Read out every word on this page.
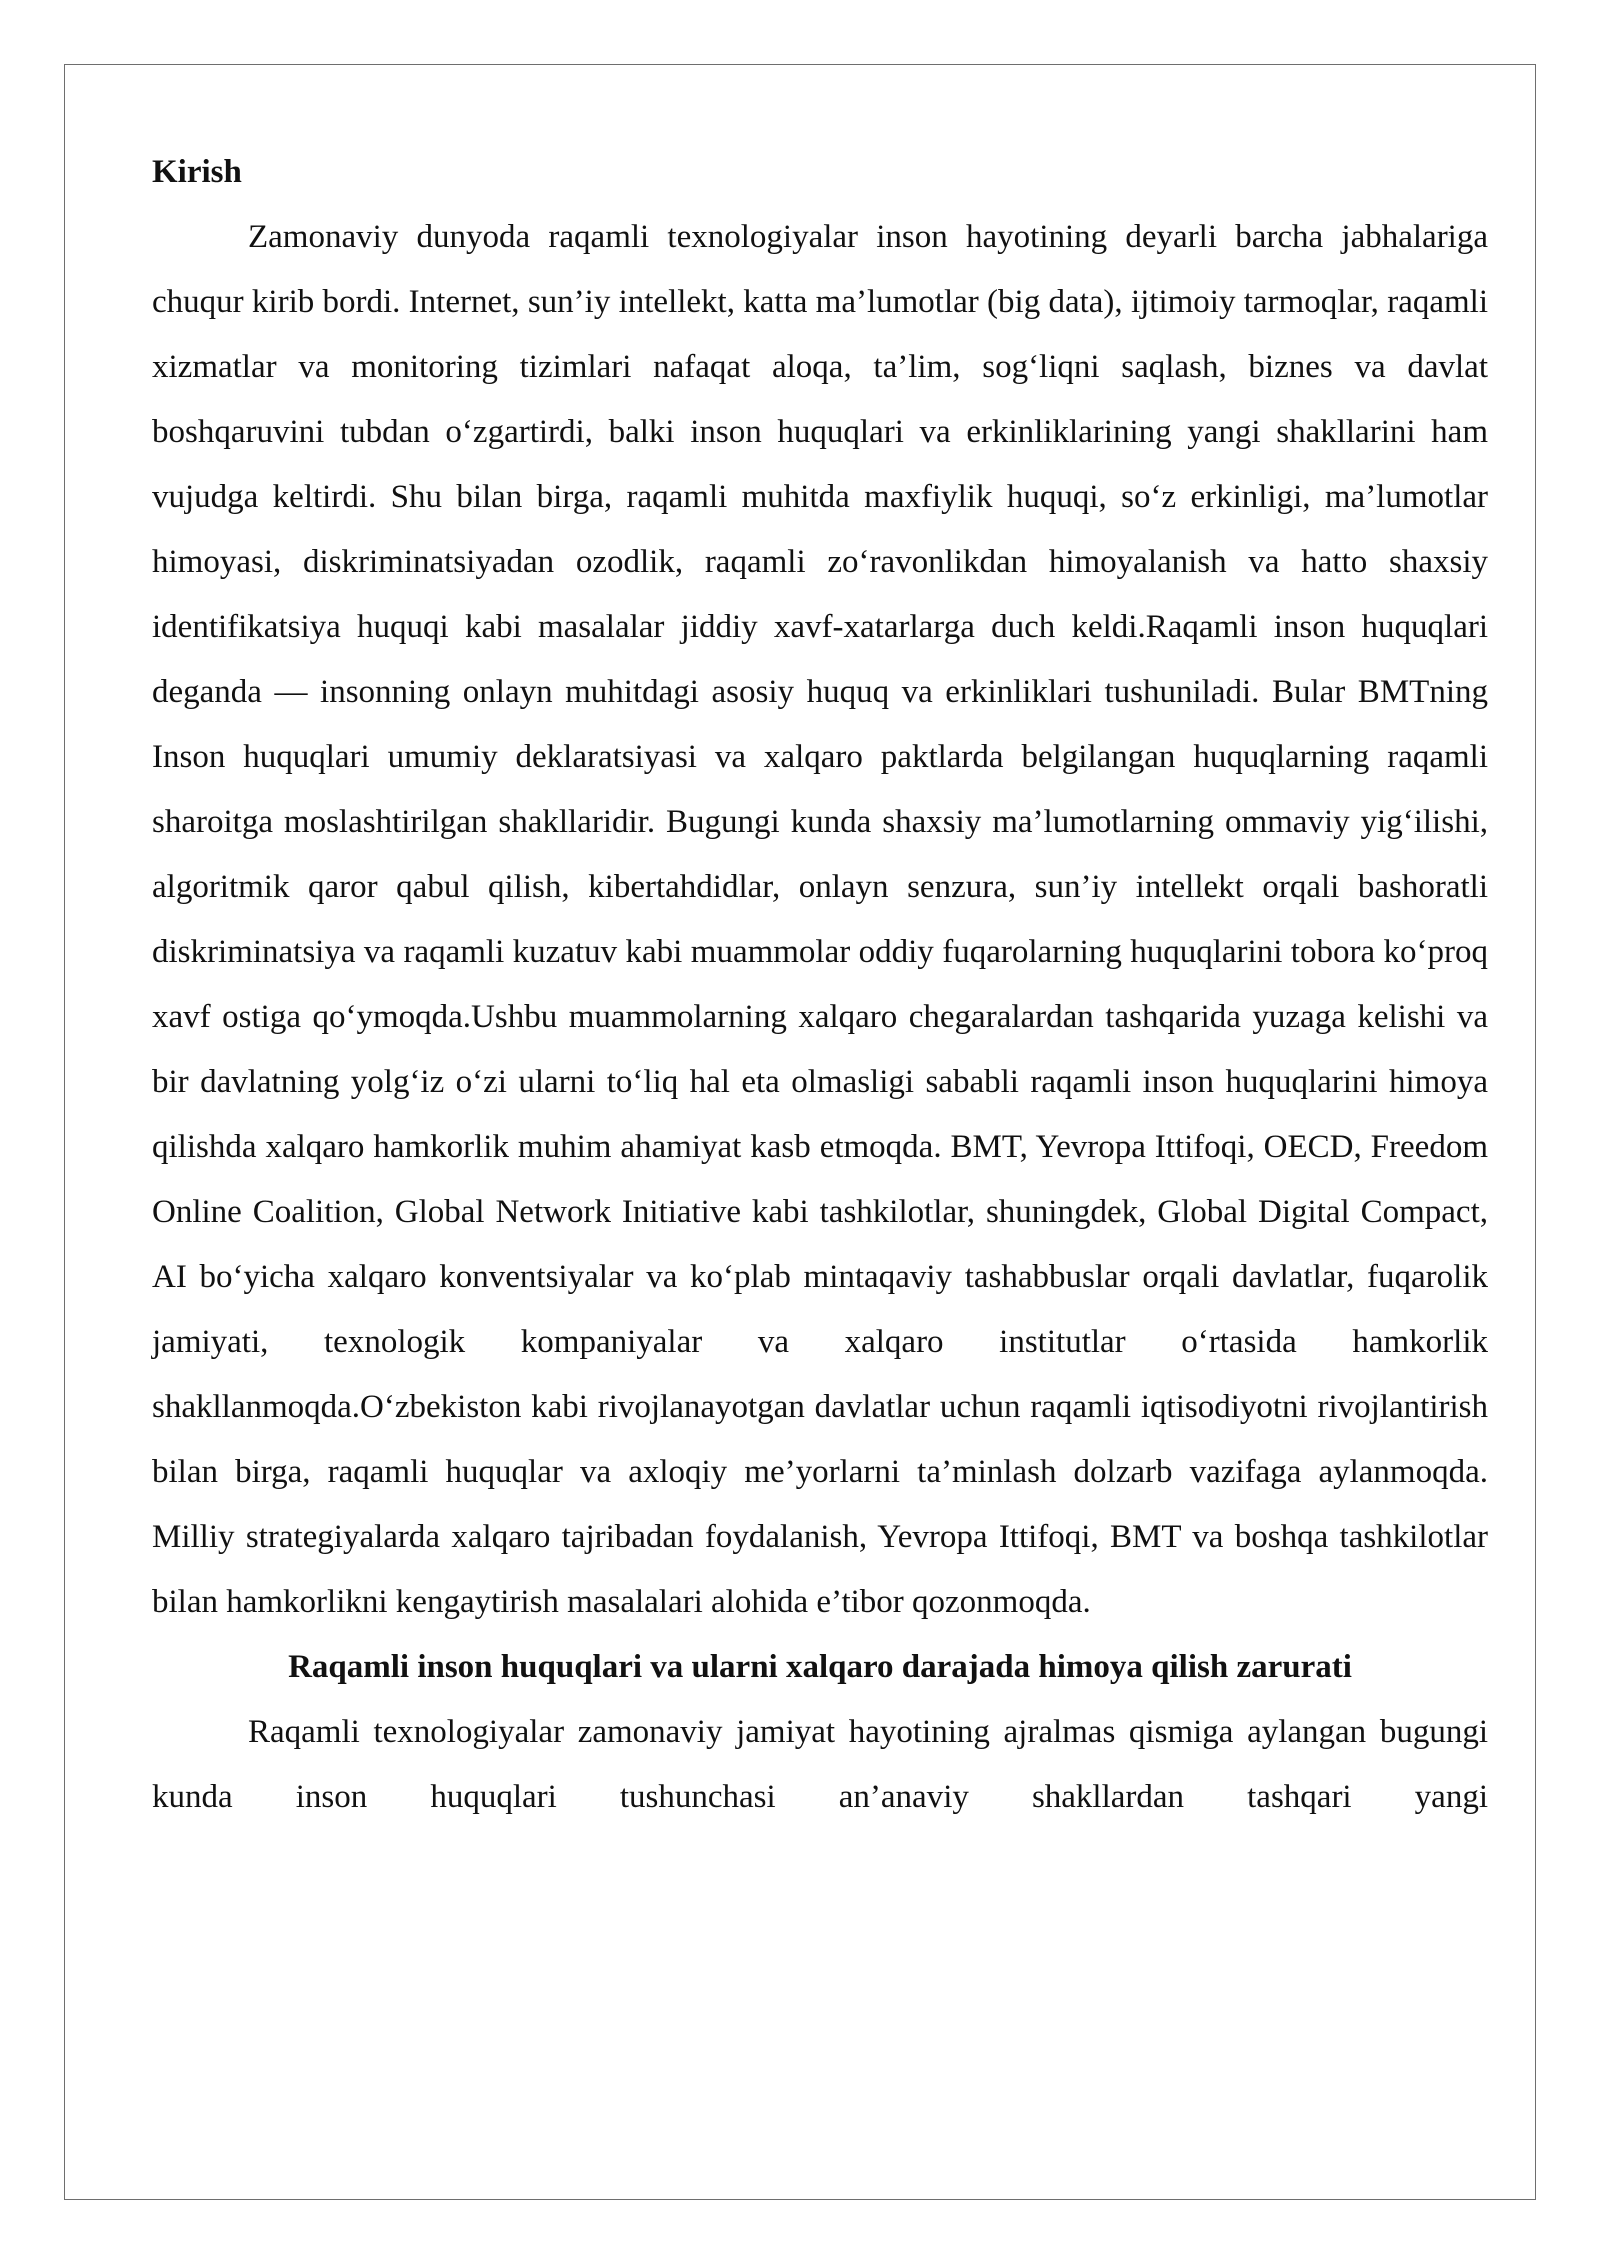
Kirish

Zamonaviy dunyoda raqamli texnologiyalar inson hayotining deyarli barcha jabhalariga chuqur kirib bordi. Internet, sun’iy intellekt, katta ma’lumotlar (big data), ijtimoiy tarmoqlar, raqamli xizmatlar va monitoring tizimlari nafaqat aloqa, ta’lim, sog‘liqni saqlash, biznes va davlat boshqaruvini tubdan o‘zgartirdi, balki inson huquqlari va erkinliklarining yangi shakllarini ham vujudga keltirdi. Shu bilan birga, raqamli muhitda maxfiylik huquqi, so‘z erkinligi, ma’lumotlar himoyasi, diskriminatsiyadan ozodlik, raqamli zo‘ravonlikdan himoyalanish va hatto shaxsiy identifikatsiya huquqi kabi masalalar jiddiy xavf-xatarlarga duch keldi.Raqamli inson huquqlari deganda — insonning onlayn muhitdagi asosiy huquq va erkinliklari tushuniladi. Bular BMTning Inson huquqlari umumiy deklaratsiyasi va xalqaro paktlarda belgilangan huquqlarning raqamli sharoitga moslashtirilgan shakllaridir. Bugungi kunda shaxsiy ma’lumotlarning ommaviy yig‘ilishi, algoritmik qaror qabul qilish, kibertahdidlar, onlayn senzura, sun’iy intellekt orqali bashoratli diskriminatsiya va raqamli kuzatuv kabi muammolar oddiy fuqarolarning huquqlarini tobora ko‘proq xavf ostiga qo‘ymoqda.Ushbu muammolarning xalqaro chegaralardan tashqarida yuzaga kelishi va bir davlatning yolg‘iz o‘zi ularni to‘liq hal eta olmasligi sababli raqamli inson huquqlarini himoya qilishda xalqaro hamkorlik muhim ahamiyat kasb etmoqda. BMT, Yevropa Ittifoqi, OECD, Freedom Online Coalition, Global Network Initiative kabi tashkilotlar, shuningdek, Global Digital Compact, AI bo‘yicha xalqaro konventsiyalar va ko‘plab mintaqaviy tashabbuslar orqali davlatlar, fuqarolik jamiyati, texnologik kompaniyalar va xalqaro institutlar o‘rtasida hamkorlik shakllanmoqda.O‘zbekiston kabi rivojlanayotgan davlatlar uchun raqamli iqtisodiyotni rivojlantirish bilan birga, raqamli huquqlar va axloqiy me’yorlarni ta’minlash dolzarb vazifaga aylanmoqda. Milliy strategiyalarda xalqaro tajribadan foydalanish, Yevropa Ittifoqi, BMT va boshqa tashkilotlar bilan hamkorlikni kengaytirish masalalari alohida e’tibor qozonmoqda.

Raqamli inson huquqlari va ularni xalqaro darajada himoya qilish zarurati

Raqamli texnologiyalar zamonaviy jamiyat hayotining ajralmas qismiga aylangan bugungi kunda inson huquqlari tushunchasi an’anaviy shakllardan tashqari yangi
